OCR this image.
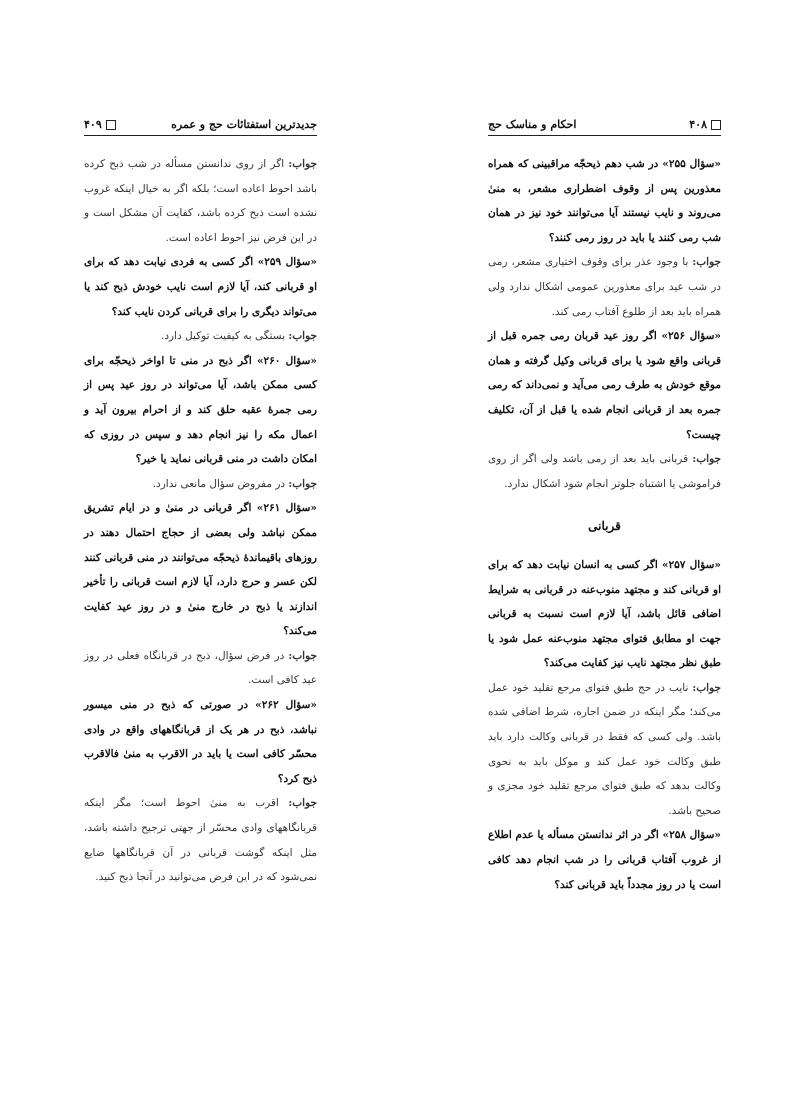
جدیدترین استفتائات حج و عمره
۴۰۹

جواب: اگر از روی ندانستن مسأله در شب ذبح کرده باشد احوط اعاده است؛ بلکه اگر به خیال اینکه غروب نشده است ذبح کرده باشد، کفایت آن مشکل است و در این فرض نیز احوط اعاده است.

«سؤال ۲۵۹» اگر کسی به فردی نیابت دهد که برای او قربانی کند، آیا لازم است نایب خودش ذبح کند یا می‌تواند دیگری را برای قربانی کردن نایب کند؟

جواب: بستگی به کیفیت توکیل دارد.

«سؤال ۲۶۰» اگر ذبح در منی تا اواخر ذیحجّه برای کسی ممکن باشد، آیا می‌تواند در روز عید پس از رمی جمرهٔ عقبه حلق کند و از احرام بیرون آید و اعمال مکه را نیز انجام دهد و سپس در روزی که امکان داشت در منی قربانی نماید یا خیر؟

جواب: در مفروض سؤال مانعی ندارد.

«سؤال ۲۶۱» اگر قربانی در منیٰ و در ایام تشریق ممکن نباشد ولی بعضی از حجاج احتمال دهند در روزهای باقیماندهٔ ذیحجّه می‌توانند در منی قربانی کنند لکن عسر و حرج دارد، آیا لازم است قربانی را تأخیر اندازند یا ذبح در خارج منیٰ و در روز عید کفایت می‌کند؟

جواب: در فرض سؤال، ذبح در قربانگاه فعلی در روز عید کافی است.

«سؤال ۲۶۲» در صورتی که ذبح در منی میسور نباشد، ذبح در هر یک از قربانگاههای واقع در وادی محسّر کافی است یا باید در الاقرب به منیٰ فالاقرب ذبح کرد؟

جواب: اقرب به منیٰ احوط است؛ مگر اینکه قربانگاههای وادی محسّر از جهتی ترجیح داشته باشد، مثل اینکه گوشت قربانی در آن قربانگاهها ضایع نمی‌شود که در این فرض می‌توانید در آنجا ذبح کنید.

۴۰۸
احکام و مناسک حج

«سؤال ۲۵۵» در شب دهم ذیحجّه مراقبینی که همراه معذورین پس از وقوف اضطراری مشعر، به منیٰ می‌روند و نایب نیستند آیا می‌توانند خود نیز در همان شب رمی کنند یا باید در روز رمی کنند؟

جواب: با وجود عذر برای وقوف اختیاری مشعر، رمی در شب عید برای معذورین عمومی اشکال ندارد ولی همراه باید بعد از طلوع آفتاب رمی کند.

«سؤال ۲۵۶» اگر روز عید قربان رمی جمره قبل از قربانی واقع شود یا برای قربانی وکیل گرفته و همان موقع خودش به طرف رمی می‌آید و نمی‌داند که رمی جمره بعد از قربانی انجام شده یا قبل از آن، تکلیف چیست؟

جواب: قربانی باید بعد از رمی باشد ولی اگر از روی فراموشی یا اشتباه جلوتر انجام شود اشکال ندارد.

قربانی

«سؤال ۲۵۷» اگر کسی به انسان نیابت دهد که برای او قربانی کند و مجتهد منوب‌عنه در قربانی به شرایط اضافی قائل باشد، آیا لازم است نسبت به قربانی جهت او مطابق فتوای مجتهد منوب‌عنه عمل شود یا طبق نظر مجتهد نایب نیز کفایت می‌کند؟

جواب: نایب در حج طبق فتوای مرجع تقلید خود عمل می‌کند؛ مگر اینکه در ضمن اجاره، شرط اضافی شده باشد. ولی کسی که فقط در قربانی وکالت دارد باید طبق وکالت خود عمل کند و موکل باید به نحوی وکالت بدهد که طبق فتوای مرجع تقلید خود مجزی و صحیح باشد.

«سؤال ۲۵۸» اگر در اثر ندانستن مسأله یا عدم اطلاع از غروب آفتاب قربانی را در شب انجام دهد کافی است یا در روز مجدداً باید قربانی کند؟
